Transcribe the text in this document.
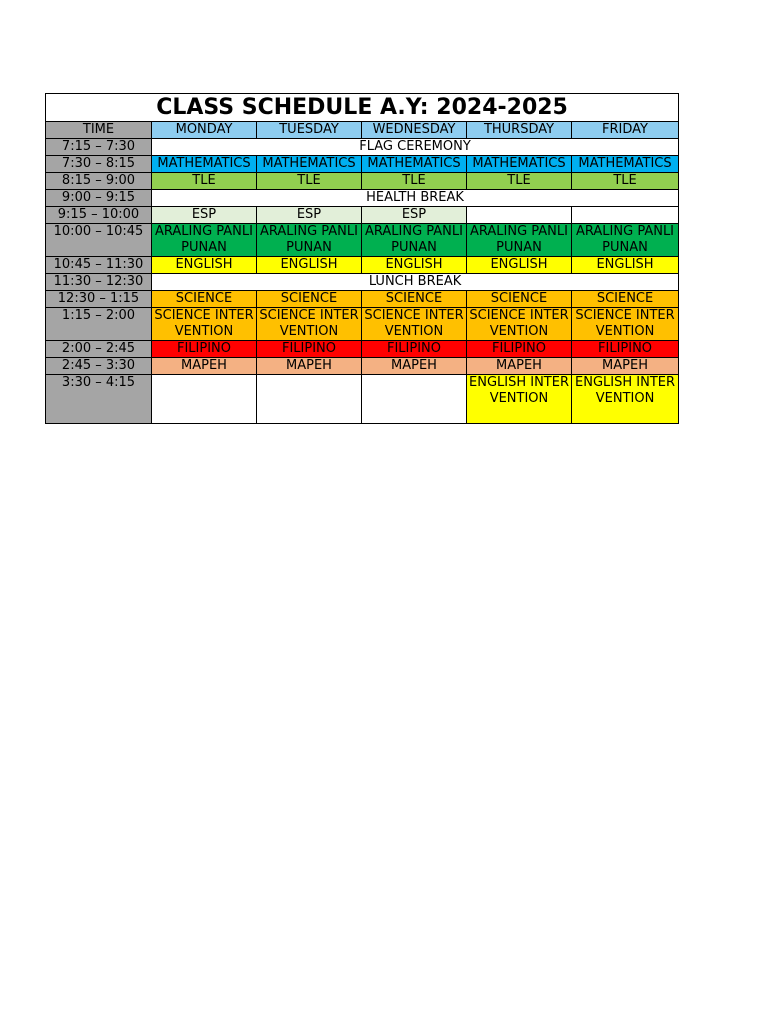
CLASS SCHEDULE A.Y: 2024-2025					
TIME	MONDAY	TUESDAY	WEDNESDAY	THURSDAY	FRIDAY
7:15 – 7:30	FLAG CEREMONY				
7:30 – 8:15	MATHEMATICS	MATHEMATICS	MATHEMATICS	MATHEMATICS	MATHEMATICS
8:15 – 9:00	TLE	TLE	TLE	TLE	TLE
9:00 – 9:15	HEALTH BREAK				
9:15 – 10:00	ESP	ESP	ESP		
10:00 – 10:45	ARALING PANLIPUNAN	ARALING PANLIPUNAN	ARALING PANLIPUNAN	ARALING PANLIPUNAN	ARALING PANLIPUNAN
10:45 – 11:30	ENGLISH	ENGLISH	ENGLISH	ENGLISH	ENGLISH
11:30 – 12:30	LUNCH BREAK				
12:30 – 1:15	SCIENCE	SCIENCE	SCIENCE	SCIENCE	SCIENCE
1:15 – 2:00	SCIENCE INTERVENTION	SCIENCE INTERVENTION	SCIENCE INTERVENTION	SCIENCE INTERVENTION	SCIENCE INTERVENTION
2:00 – 2:45	FILIPINO	FILIPINO	FILIPINO	FILIPINO	FILIPINO
2:45 – 3:30	MAPEH	MAPEH	MAPEH	MAPEH	MAPEH
3:30 – 4:15				ENGLISH INTERVENTION	ENGLISH INTERVENTION
